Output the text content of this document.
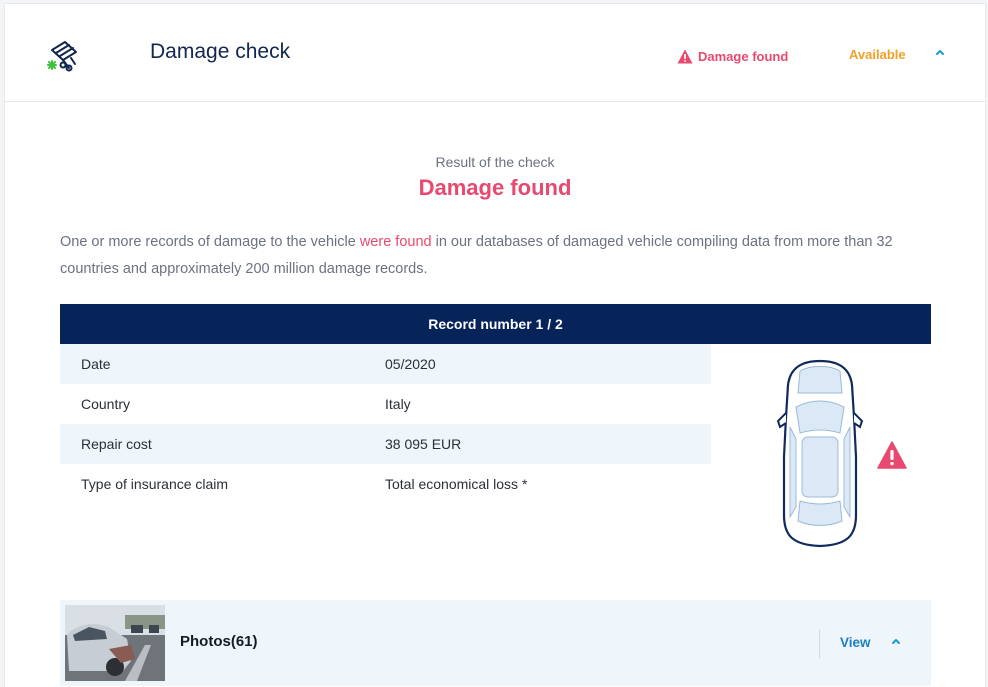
Damage check	Damage found	Available
Result of the check
Damage found

One or more records of damage to the vehicle were found in our databases of damaged vehicle compiling data from more than 32 countries and approximately 200 million damage records.

Record number 1 / 2
Date	05/2020
Country	Italy
Repair cost	38 095 EUR
Type of insurance claim	Total economical loss *
Photos(61)	View
